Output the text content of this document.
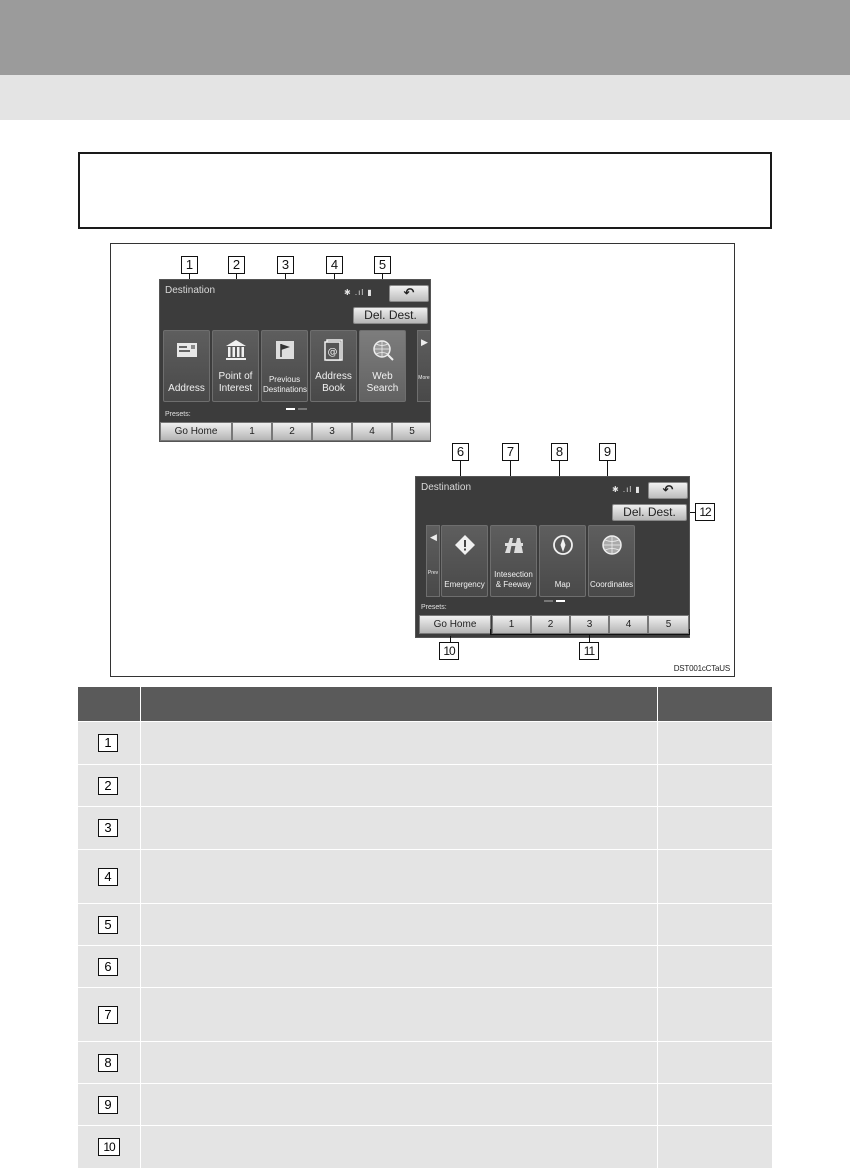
1	2	3	4	5
Destination	✱ .ıl ▮	↶
Del. Dest.
Address
Point of Interest
Previous Destinations
@
Address Book
Web Search
▶
More
Presets:
Go Home	1	2	3	4	5
6	7	8	9
12
Destination	✱ .ıl ▮	↶
Del. Dest.
◀
Prev
Emergency
Intesection & Feeway	Map	Coordinates
Presets:
Go Home	1	2	3	4	5
10	11
DST001cCTaUS
1
2
3
4
5
6
7
8
9
10
